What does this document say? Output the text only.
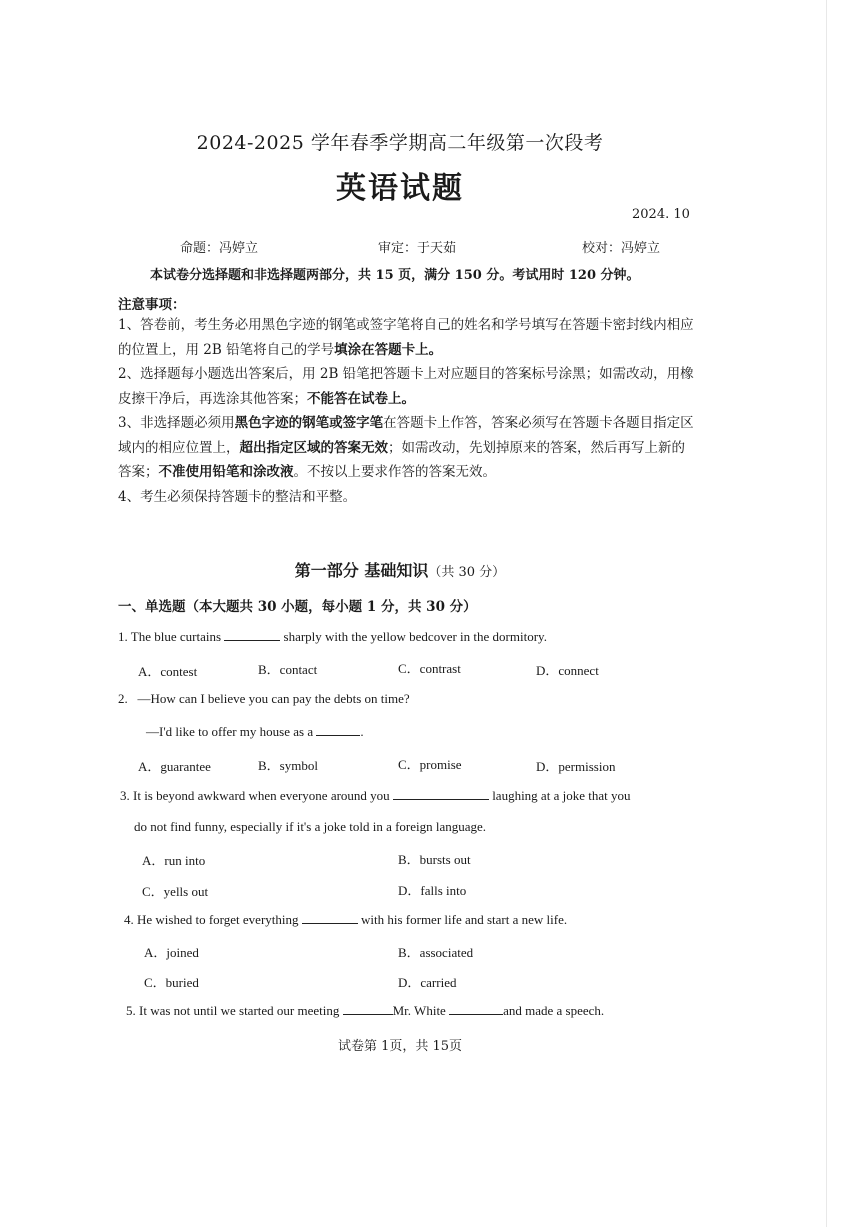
2024-2025 学年春季学期高二年级第一次段考
英语试题
2024. 10
命题：冯婷立	审定：于天茹	校对：冯婷立
本试卷分选择题和非选择题两部分，共 15 页，满分 150 分。考试用时 120 分钟。
注意事项：
1、答卷前，考生务必用黑色字迹的钢笔或签字笔将自己的姓名和学号填写在答题卡密封线内相应的位置上，用 2B 铅笔将自己的学号填涂在答题卡上。
2、选择题每小题选出答案后，用 2B 铅笔把答题卡上对应题目的答案标号涂黑；如需改动，用橡皮擦干净后，再选涂其他答案；不能答在试卷上。
3、非选择题必须用黑色字迹的钢笔或签字笔在答题卡上作答，答案必须写在答题卡各题目指定区域内的相应位置上，超出指定区域的答案无效；如需改动，先划掉原来的答案，然后再写上新的答案；不准使用铅笔和涂改液。不按以上要求作答的答案无效。
4、考生必须保持答题卡的整洁和平整。
第一部分 基础知识（共 30 分）
一、单选题（本大题共 30 小题，每小题 1 分，共 30 分）
1. The blue curtains	sharply with the yellow bedcover in the dormitory.
A．contest	B．contact	C．contrast	D．connect
2. —How can I believe you can pay the debts on time?
—I'd like to offer my house as a	.
A．guarantee	B．symbol	C．promise	D．permission
3. It is beyond awkward when everyone around you	laughing at a joke that you
do not find funny, especially if it's a joke told in a foreign language.
A．run into	B．bursts out
C．yells out	D．falls into
4. He wished to forget everything	with his former life and start a new life.
A．joined	B．associated
C．buried	D．carried
5. It was not until we started our meeting	Mr. White	and made a speech.
试卷第 1页，共 15页
